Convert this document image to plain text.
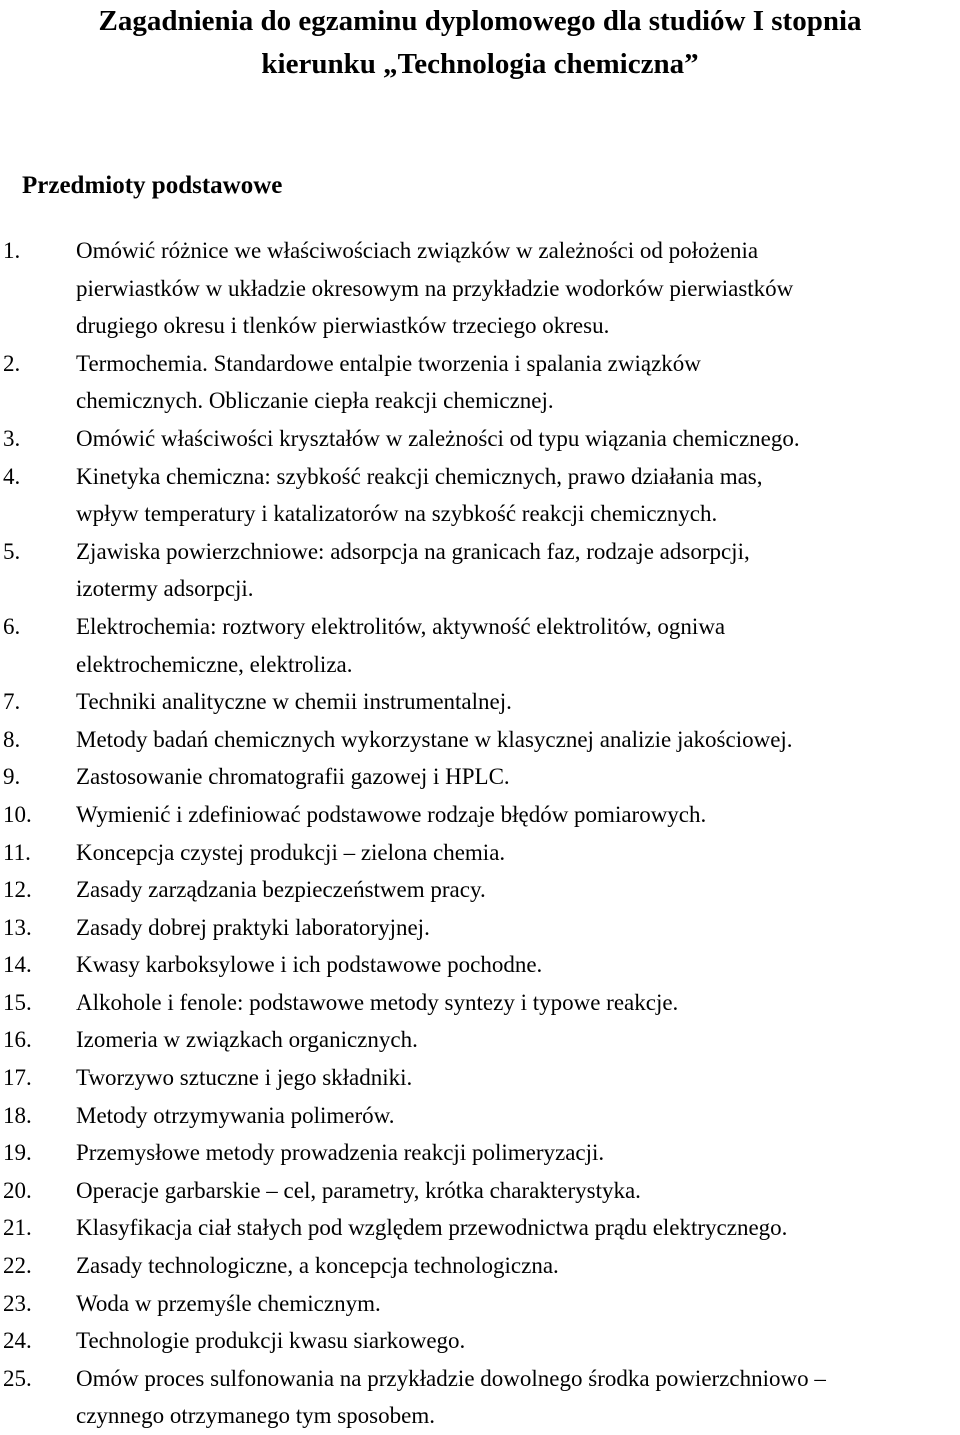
Zagadnienia do egzaminu dyplomowego dla studiów I stopnia
kierunku „Technologia chemiczna”
Przedmioty podstawowe
1.	Omówić różnice we właściwościach związków w zależności od położenia
pierwiastków w układzie okresowym na przykładzie wodorków pierwiastków
drugiego okresu i tlenków pierwiastków trzeciego okresu.
2.	Termochemia. Standardowe entalpie tworzenia i spalania związków
chemicznych. Obliczanie ciepła reakcji chemicznej.
3.	Omówić właściwości kryształów w zależności od typu wiązania chemicznego.
4.	Kinetyka chemiczna: szybkość reakcji chemicznych, prawo działania mas,
wpływ temperatury i katalizatorów na szybkość reakcji chemicznych.
5.	Zjawiska powierzchniowe: adsorpcja na granicach faz, rodzaje adsorpcji,
izotermy adsorpcji.
6.	Elektrochemia: roztwory elektrolitów, aktywność elektrolitów, ogniwa
elektrochemiczne, elektroliza.
7.	Techniki analityczne w chemii instrumentalnej.
8.	Metody badań chemicznych wykorzystane w klasycznej analizie jakościowej.
9.	Zastosowanie chromatografii gazowej i HPLC.
10.	Wymienić i zdefiniować podstawowe rodzaje błędów pomiarowych.
11.	Koncepcja czystej produkcji – zielona chemia.
12.	Zasady zarządzania bezpieczeństwem pracy.
13.	Zasady dobrej praktyki laboratoryjnej.
14.	Kwasy karboksylowe i ich podstawowe pochodne.
15.	Alkohole i fenole: podstawowe metody syntezy i typowe reakcje.
16.	Izomeria w związkach organicznych.
17.	Tworzywo sztuczne i jego składniki.
18.	Metody otrzymywania polimerów.
19.	Przemysłowe metody prowadzenia reakcji polimeryzacji.
20.	Operacje garbarskie – cel, parametry, krótka charakterystyka.
21.	Klasyfikacja ciał stałych pod względem przewodnictwa prądu elektrycznego.
22.	Zasady technologiczne, a koncepcja technologiczna.
23.	Woda w przemyśle chemicznym.
24.	Technologie produkcji kwasu siarkowego.
25.	Omów proces sulfonowania na przykładzie dowolnego środka powierzchniowo –
czynnego otrzymanego tym sposobem.
